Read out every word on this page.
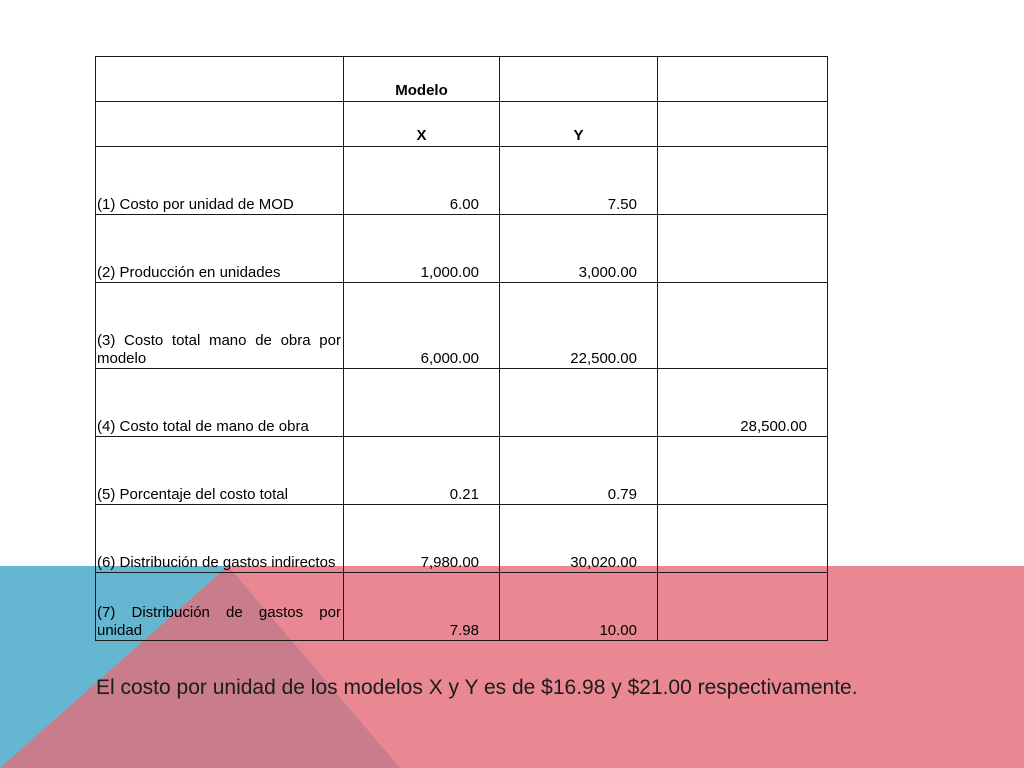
	Modelo		
	X	Y	
(1) Costo por unidad de MOD	6.00	7.50	
(2) Producción en unidades	1,000.00	3,000.00	
(3) Costo total mano de obra por modelo	6,000.00	22,500.00	
(4) Costo total de mano de obra			28,500.00
(5) Porcentaje del costo total	0.21	0.79	
(6) Distribución de gastos indirectos	7,980.00	30,020.00	
(7) Distribución de gastos por unidad	7.98	10.00	
El costo por unidad de los modelos X y Y es de $16.98 y $21.00 respectivamente.
